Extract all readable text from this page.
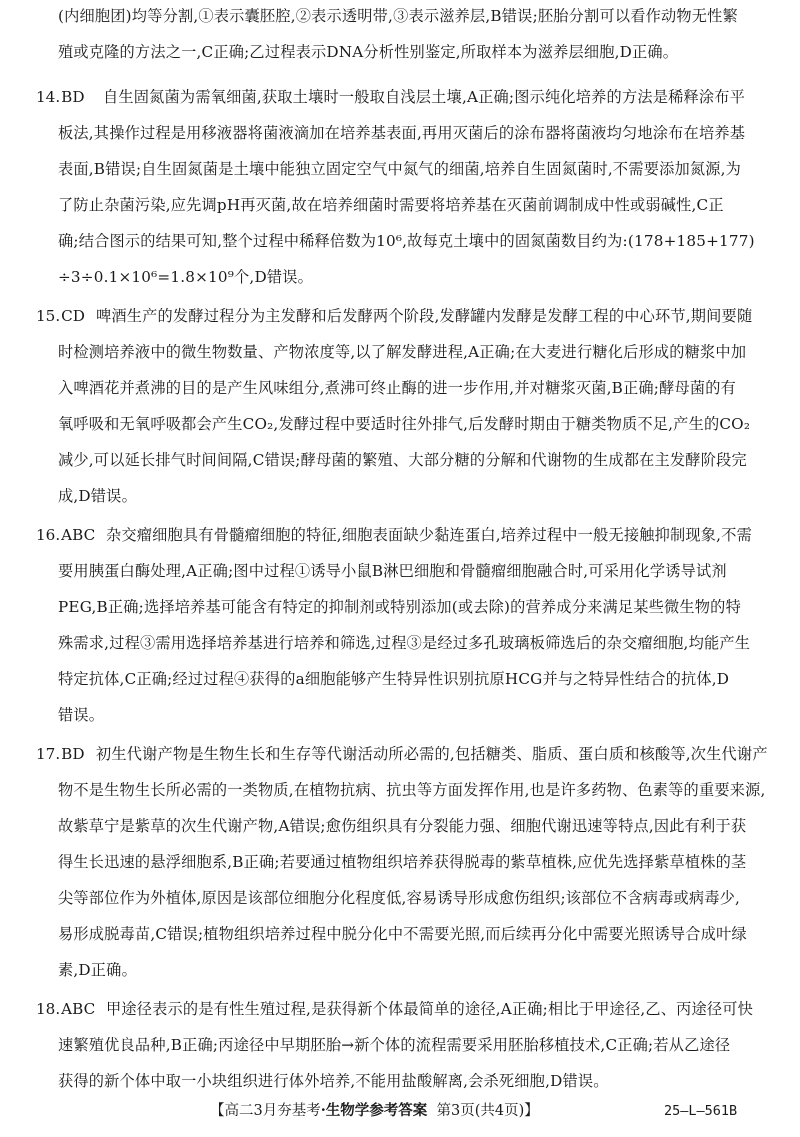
(内细胞团)均等分割,①表示囊胚腔,②表示透明带,③表示滋养层,B错误;胚胎分割可以看作动物无性繁
殖或克隆的方法之一,C正确;乙过程表示DNA分析性别鉴定,所取样本为滋养层细胞,D正确。
14.BD 自生固氮菌为需氧细菌,获取土壤时一般取自浅层土壤,A正确;图示纯化培养的方法是稀释涂布平
板法,其操作过程是用移液器将菌液滴加在培养基表面,再用灭菌后的涂布器将菌液均匀地涂布在培养基
表面,B错误;自生固氮菌是土壤中能独立固定空气中氮气的细菌,培养自生固氮菌时,不需要添加氮源,为
了防止杂菌污染,应先调pH再灭菌,故在培养细菌时需要将培养基在灭菌前调制成中性或弱碱性,C正
确;结合图示的结果可知,整个过程中稀释倍数为10⁶,故每克土壤中的固氮菌数目约为:(178+185+177)
÷3÷0.1×10⁶=1.8×10⁹个,D错误。
15.CD 啤酒生产的发酵过程分为主发酵和后发酵两个阶段,发酵罐内发酵是发酵工程的中心环节,期间要随
时检测培养液中的微生物数量、产物浓度等,以了解发酵进程,A正确;在大麦进行糖化后形成的糖浆中加
入啤酒花并煮沸的目的是产生风味组分,煮沸可终止酶的进一步作用,并对糖浆灭菌,B正确;酵母菌的有
氧呼吸和无氧呼吸都会产生CO₂,发酵过程中要适时往外排气,后发酵时期由于糖类物质不足,产生的CO₂
减少,可以延长排气时间间隔,C错误;酵母菌的繁殖、大部分糖的分解和代谢物的生成都在主发酵阶段完
成,D错误。
16.ABC 杂交瘤细胞具有骨髓瘤细胞的特征,细胞表面缺少黏连蛋白,培养过程中一般无接触抑制现象,不需
要用胰蛋白酶处理,A正确;图中过程①诱导小鼠B淋巴细胞和骨髓瘤细胞融合时,可采用化学诱导试剂
PEG,B正确;选择培养基可能含有特定的抑制剂或特别添加(或去除)的营养成分来满足某些微生物的特
殊需求,过程③需用选择培养基进行培养和筛选,过程③是经过多孔玻璃板筛选后的杂交瘤细胞,均能产生
特定抗体,C正确;经过过程④获得的a细胞能够产生特异性识别抗原HCG并与之特异性结合的抗体,D
错误。
17.BD 初生代谢产物是生物生长和生存等代谢活动所必需的,包括糖类、脂质、蛋白质和核酸等,次生代谢产
物不是生物生长所必需的一类物质,在植物抗病、抗虫等方面发挥作用,也是许多药物、色素等的重要来源,
故紫草宁是紫草的次生代谢产物,A错误;愈伤组织具有分裂能力强、细胞代谢迅速等特点,因此有利于获
得生长迅速的悬浮细胞系,B正确;若要通过植物组织培养获得脱毒的紫草植株,应优先选择紫草植株的茎
尖等部位作为外植体,原因是该部位细胞分化程度低,容易诱导形成愈伤组织;该部位不含病毒或病毒少,
易形成脱毒苗,C错误;植物组织培养过程中脱分化中不需要光照,而后续再分化中需要光照诱导合成叶绿
素,D正确。
18.ABC 甲途径表示的是有性生殖过程,是获得新个体最简单的途径,A正确;相比于甲途径,乙、丙途径可快
速繁殖优良品种,B正确;丙途径中早期胚胎→新个体的流程需要采用胚胎移植技术,C正确;若从乙途径
获得的新个体中取一小块组织进行体外培养,不能用盐酸解离,会杀死细胞,D错误。
【高二3月夯基考·生物学参考答案 第3页(共4页)】	25—L—561B
